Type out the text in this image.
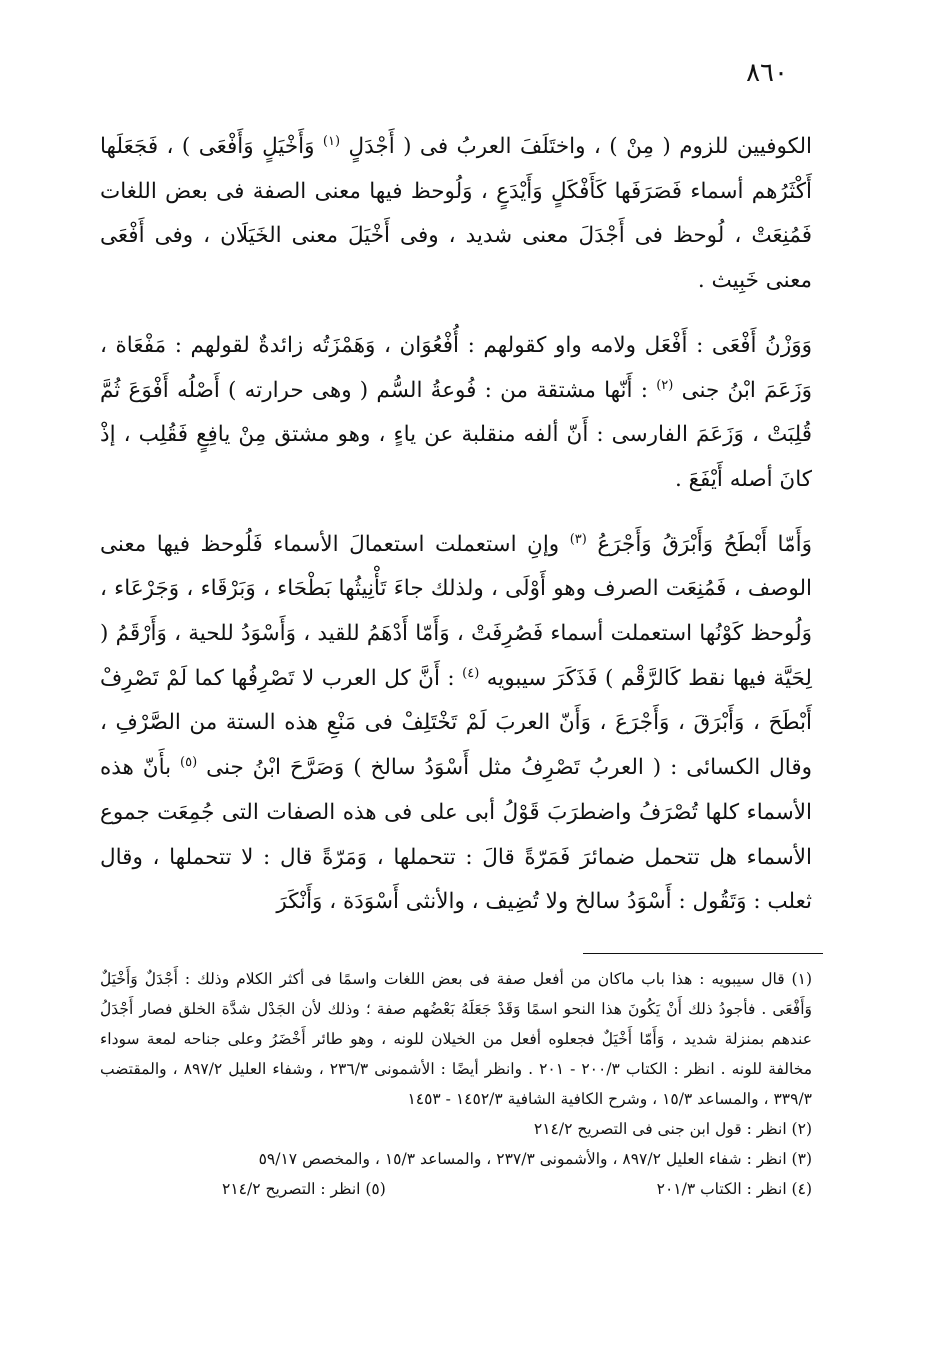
٨٦٠

الكوفيين للزوم ( مِنْ ) ، واختَلَفَ العربُ فى ( أَجْدَلٍ $^{(١)}$ وَأَخْيَلٍ وَأَفْعَى ) ، فَجَعَلَها أَكْثَرُهم أسماء فَصَرَفَها كَأَفْكَلٍ وَأَيْدَعٍ ، وَلُوحظ فيها معنى الصفة فى بعض اللغات فَمُنِعَتْ ، لُوحظ فى أَجْدَلَ معنى شديد ، وفى أَخْيَلَ معنى الخَيَلَان ، وفى أَفْعَى معنى خَبِيث .

وَوَزْنُ أَفْعَى : أَفْعَل ولامه واو كقولهم : أُفْعُوَان ، وَهَمْزَتُه زائدةٌ لقولهم : مَفْعَاة ، وَزَعَمَ ابْنُ جنى $^{(٢)}$ : أَنّها مشتقة من : فُوعةُ السُّم ( وهى حرارته ) أَصْلُه أَفْوَعَ ثُمَّ قُلِبَتْ ، وَزَعَمَ الفارسى : أَنّ ألفه منقلبة عن ياءٍ ، وهو مشتق مِنْ يافِعٍ فَقُلِب ، إذْ كانَ أصله أَيْفَعَ .

وَأَمّا أَبْطَحُ وَأَبْرَقُ وَأَجْرَعُ $^{(٣)}$ وإنِ استعملت استعمالَ الأسماء فَلُوحظ فيها معنى الوصف ، فَمُنِعَت الصرف وهو أَوْلَى ، ولذلك جاءَ تَأْنِيثُها بَطْحَاء ، وَبَرْقَاء ، وَجَرْعَاء ، وَلُوحظ كَوْنُها استعملت أسماء فَصُرِفَتْ ، وَأَمّا أَدْهَمُ للقيد ، وَأَسْوَدُ للحية ، وَأَرْقَمُ ( لِحَيَّة فيها نقط كَالرَّقْم ) فَذَكَرَ سيبويه $^{(٤)}$ : أَنَّ كل العرب لا تَصْرِفُها كما لَمْ تَصْرِفْ أَبْطَحَ ، وَأَبْرَقَ ، وَأَجْرَعَ ، وَأَنّ العربَ لَمْ تَخْتَلِفْ فى مَنْعِ هذه الستة من الصَّرْفِ ، وقال الكسائى : ( العربُ تَصْرِفُ مثل أَسْوَدُ سالخ ) وَصَرَّحَ ابْنُ جنى $^{(٥)}$ بأَنّ هذه الأسماء كلها تُصْرَفُ واضطرَبَ قَوْلُ أبى على فى هذه الصفات التى جُمِعَت جموع الأسماء هل تتحمل ضمائرَ فَمَرّةً قالَ : تتحملها ، وَمَرّةً قال : لا تتحملها ، وقال ثعلب : وَتَقُول : أَسْوَدُ سالخ ولا تُضِيف ، والأنثى أَسْوَدَة ، وَأَنْكَرَ

(١) قال سيبويه : هذا باب ماكان من أفعل صفة فى بعض اللغات واسمًا فى أكثر الكلام وذلك : أَجْدَلٌ وَأَخْيَلٌ وَأَفْعَى . فأجودُ ذلك أَنْ يَكُونَ هذا النحو اسمًا وَقَدْ جَعَلَهُ بَعْضُهم صفة ؛ وذلك لأن الجَدْل شدَّة الخلق فصار أَجْدَلُ عندهم بمنزلة شديد ، وَأَمّا أَخْيَلٌ فجعلوه أفعل من الخيلان للونه ، وهو طائر أَخْضَرُ وعلى جناحه لمعة سوداء مخالفة للونه . انظر : الكتاب ٢٠٠/٣ - ٢٠١ . وانظر أيضًا : الأشمونى ٢٣٦/٣ ، وشفاء العليل ٨٩٧/٢ ، والمقتضب ٣٣٩/٣ ، والمساعد ١٥/٣ ، وشرح الكافية الشافية ١٤٥٢/٣ - ١٤٥٣

(٢) انظر : قول ابن جنى فى التصريح ٢١٤/٢

(٣) انظر : شفاء العليل ٨٩٧/٢ ، والأشمونى ٢٣٧/٣ ، والمساعد ١٥/٣ ، والمخصص ٥٩/١٧

(٤) انظر : الكتاب ٢٠١/٣
(٥) انظر : التصريح ٢١٤/٢
